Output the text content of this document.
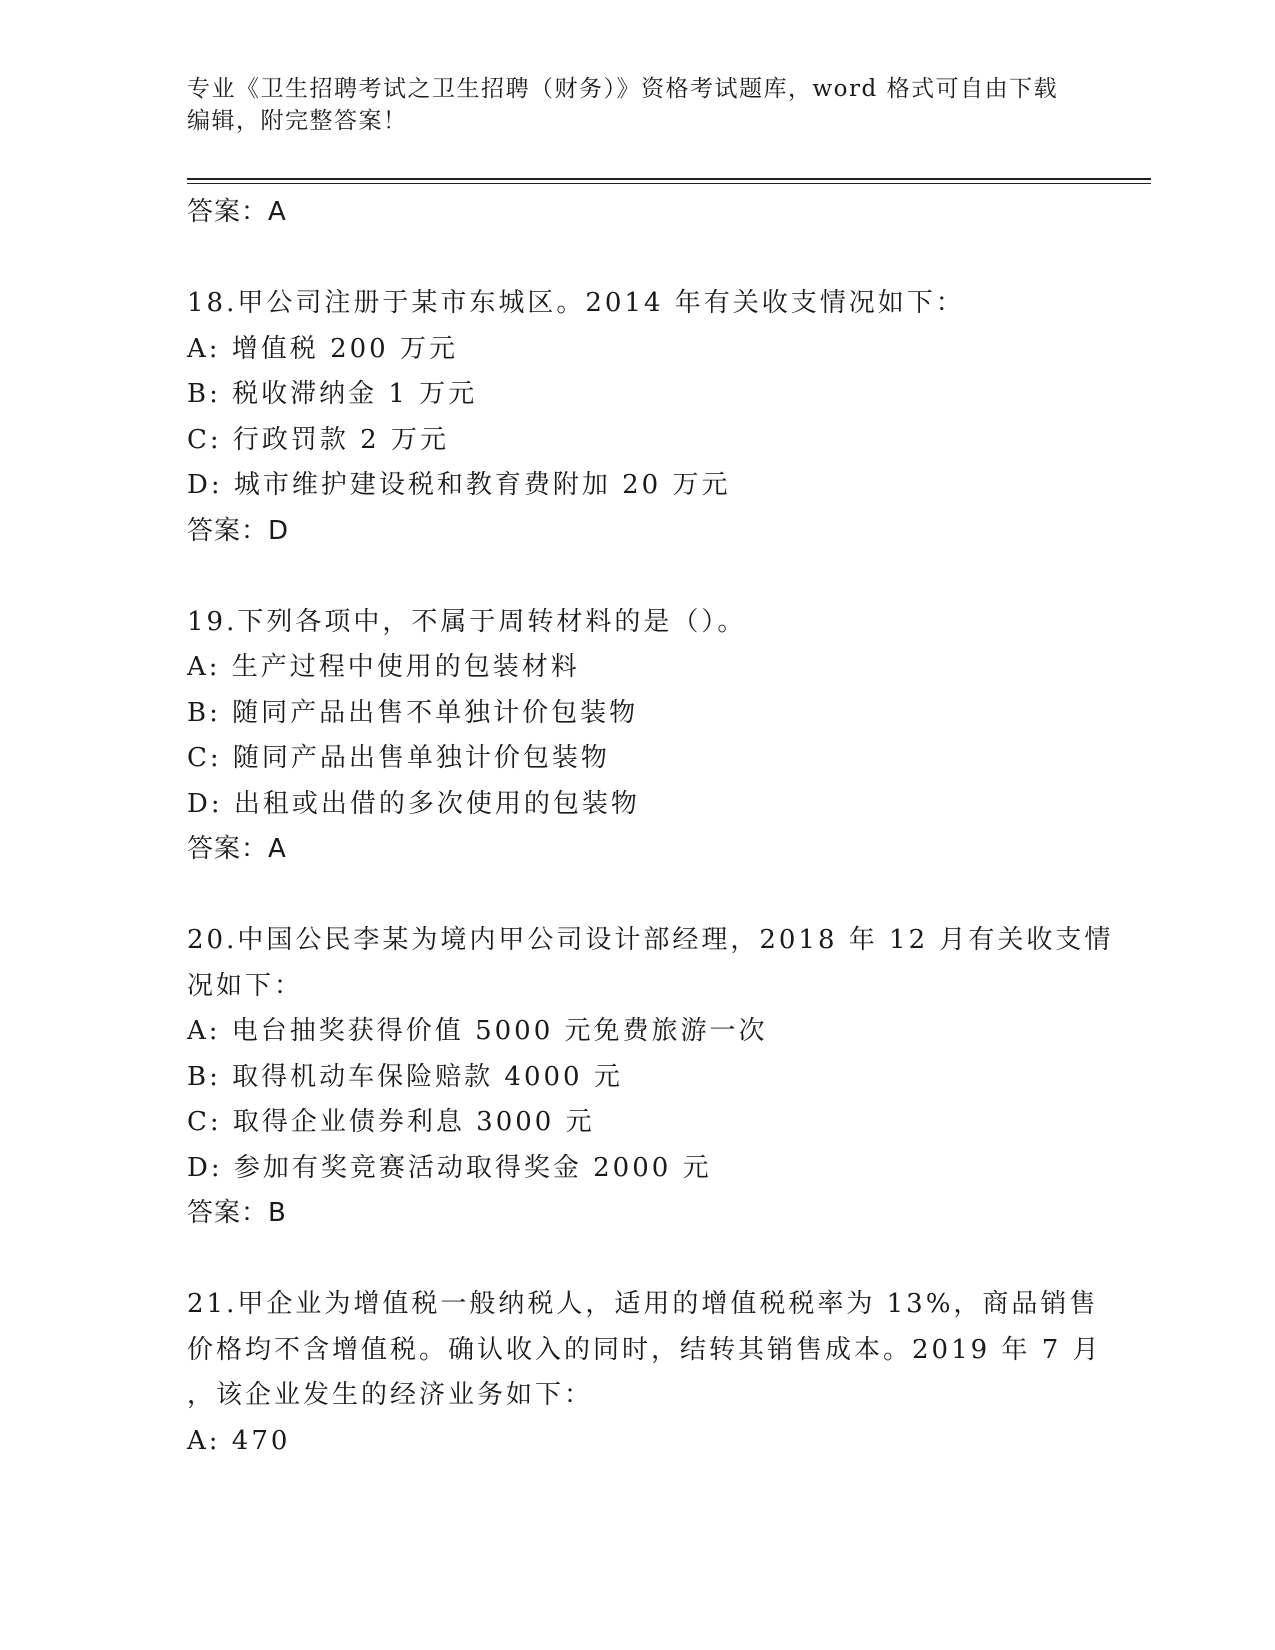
专业《卫生招聘考试之卫生招聘（财务）》资格考试题库，word 格式可自由下载
编辑，附完整答案！
答案：A
18.甲公司注册于某市东城区。2014 年有关收支情况如下：
A: 增值税 200 万元
B: 税收滞纳金 1 万元
C: 行政罚款 2 万元
D: 城市维护建设税和教育费附加 20 万元
答案：D
19.下列各项中，不属于周转材料的是（）。
A: 生产过程中使用的包装材料
B: 随同产品出售不单独计价包装物
C: 随同产品出售单独计价包装物
D: 出租或出借的多次使用的包装物
答案：A
20.中国公民李某为境内甲公司设计部经理，2018 年 12 月有关收支情
况如下：
A: 电台抽奖获得价值 5000 元免费旅游一次
B: 取得机动车保险赔款 4000 元
C: 取得企业债券利息 3000 元
D: 参加有奖竞赛活动取得奖金 2000 元
答案：B
21.甲企业为增值税一般纳税人，适用的增值税税率为 13%，商品销售
价格均不含增值税。确认收入的同时，结转其销售成本。2019 年 7 月
，该企业发生的经济业务如下：
A: 470
